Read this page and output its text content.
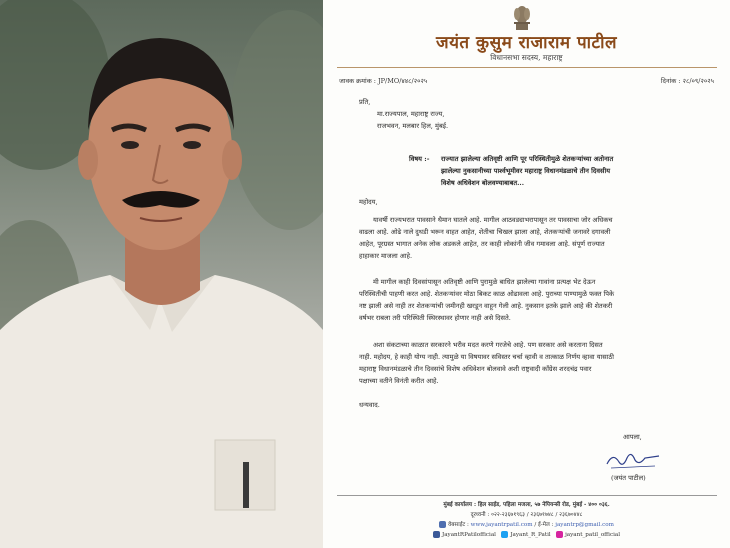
जयंत कुसुम राजाराम पाटील
विधानसभा सदस्य, महाराष्ट्र
जावक क्रमांक : JP/MO/४४८/२०२५	दिनांक : २८/०९/२०२५
प्रति,
मा.राज्यपाल, महाराष्ट्र राज्य,
राजभवन, मलबार हिल, मुंबई.
विषय :- राज्यात झालेल्या अतिवृष्टी आणि पूर परिस्थितीमुळे शेतकऱ्यांच्या अतोनात
झालेल्या नुकसानीच्या पार्श्वभूमीवर महाराष्ट्र विधानमंडळाचे तीन दिवसीय
विशेष अधिवेशन बोलवण्याबाबत...
महोदय,
यावर्षी राज्यभरात पावसाने थैमान घातले आहे. मागील आठवड्याभरापासून तर पावसाचा जोर अधिकच
वाढला आहे. ओढे नाले दुथडी भरून वाहत आहेत, शेतीचा चिखल झाला आहे, शेतकऱ्यांची जनावरे दगावली
आहेत, पूरग्रस्त भागात अनेक लोक अडकले आहेत, तर काही लोकांनी जीव गमावला आहे. संपूर्ण राज्यात
हाहाकार माजला आहे.
मी मागील काही दिवसांपासून अतिवृष्टी आणि पुरामुळे बाधित झालेल्या गावांना प्रत्यक्ष भेट देऊन
परिस्थितीची पाहणी करत आहे. शेतकऱ्यांवर मोठा बिकट काळ ओढावला आहे. पुराच्या पाण्यामुळे फक्त पिके
नष्ट झाली असे नाही तर शेतकऱ्यांची जमीनही खरडून वाहून गेली आहे. नुकसान इतके झाले आहे की शेतकरी
वर्षभर राबला तरी परिस्थिती स्थिरस्थावर होणार नाही असे दिसते.
अशा संकटाच्या काळात सरकारने भरीव मदत करणे गरजेचे आहे. पण सरकार असे करताना दिसत
नाही. महोदय, हे काही योग्य नाही. त्यामुळे या विषयावर सविस्तर चर्चा व्हावी व तात्काळ निर्णय व्हावा यासाठी
महाराष्ट्र विधानमंडळाचे तीन दिवसांचे विशेष अधिवेशन बोलवावे अशी राष्ट्रवादी काँग्रेस शरदचंद्र पवार
पक्षाच्या वतीने विनंती करीत आहे.
धन्यवाद.
आपला,
(जयंत पाटील)
मुंबई कार्यालय : हिल साईड, पहिला मजला, ५७ नेपियन्सी रोड, मुंबई - ४०० ०३६.
दूरध्वनी : ०२२-२३६७१९६३ / २३६७१७४८ / २३६७०४४८
वेबसाईट : www.jayantrpatil.com / ई-मेल : jayantrp@gmail.com
JayantRPatilofficial	Jayant_R_Patil	jayant_patil_official
